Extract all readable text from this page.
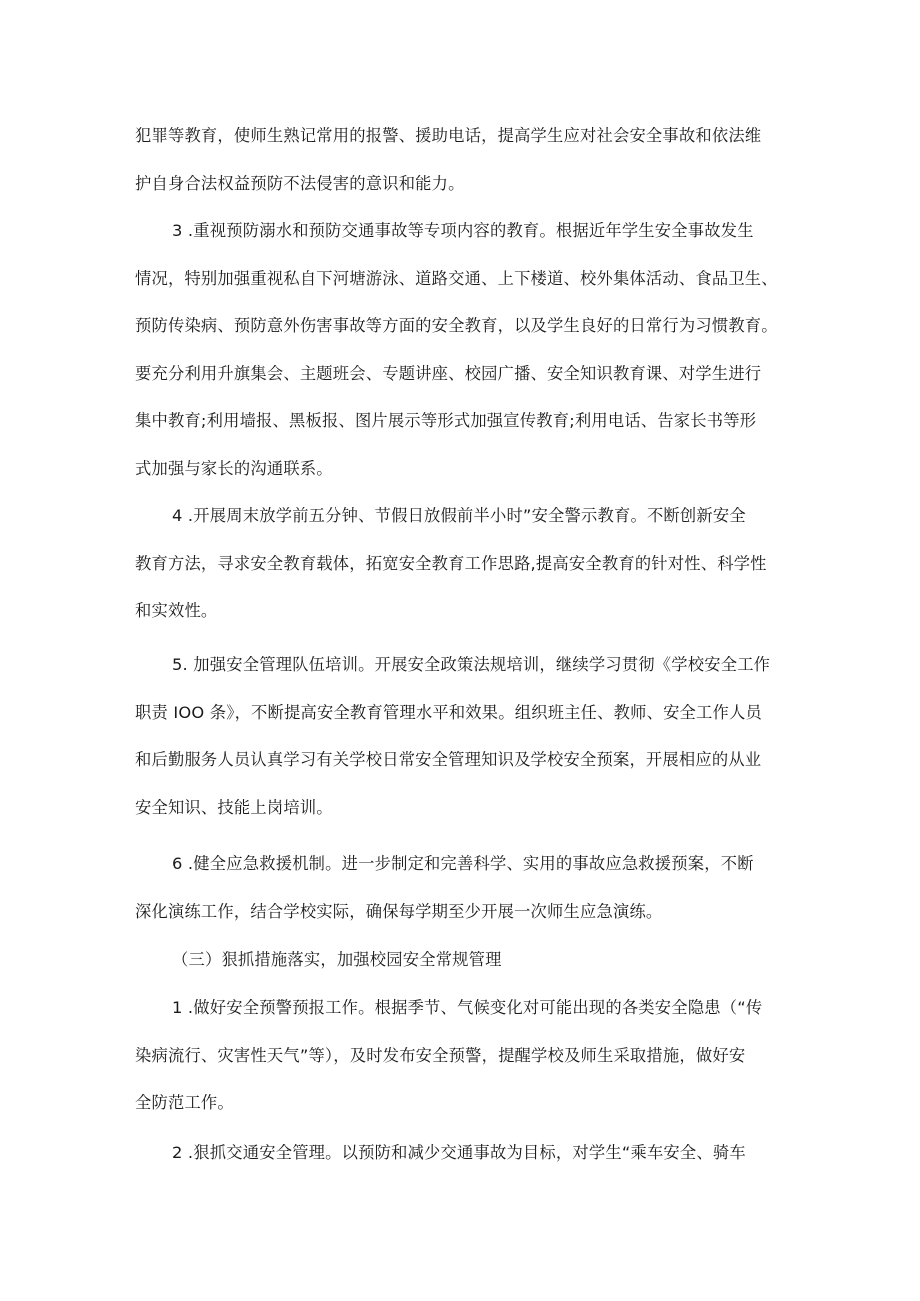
犯罪等教育，使师生熟记常用的报警、援助电话，提高学生应对社会安全事故和依法维
护自身合法权益预防不法侵害的意识和能力。
3 .重视预防溺水和预防交通事故等专项内容的教育。根据近年学生安全事故发生
情况，特别加强重视私自下河塘游泳、道路交通、上下楼道、校外集体活动、食品卫生、
预防传染病、预防意外伤害事故等方面的安全教育，以及学生良好的日常行为习惯教育。
要充分利用升旗集会、主题班会、专题讲座、校园广播、安全知识教育课、对学生进行
集中教育;利用墙报、黑板报、图片展示等形式加强宣传教育;利用电话、告家长书等形
式加强与家长的沟通联系。
4 .开展周末放学前五分钟、节假日放假前半小时”安全警示教育。不断创新安全
教育方法，寻求安全教育载体，拓宽安全教育工作思路,提高安全教育的针对性、科学性
和实效性。
5. 加强安全管理队伍培训。开展安全政策法规培训，继续学习贯彻《学校安全工作
职责 IOO 条》，不断提高安全教育管理水平和效果。组织班主任、教师、安全工作人员
和后勤服务人员认真学习有关学校日常安全管理知识及学校安全预案，开展相应的从业
安全知识、技能上岗培训。
6 .健全应急救援机制。进一步制定和完善科学、实用的事故应急救援预案，不断
深化演练工作，结合学校实际，确保每学期至少开展一次师生应急演练。
（三）狠抓措施落实，加强校园安全常规管理
1 .做好安全预警预报工作。根据季节、气候变化对可能出现的各类安全隐患（“传
染病流行、灾害性天气”等），及时发布安全预警，提醒学校及师生采取措施，做好安
全防范工作。
2 .狠抓交通安全管理。以预防和减少交通事故为目标，对学生“乘车安全、骑车
